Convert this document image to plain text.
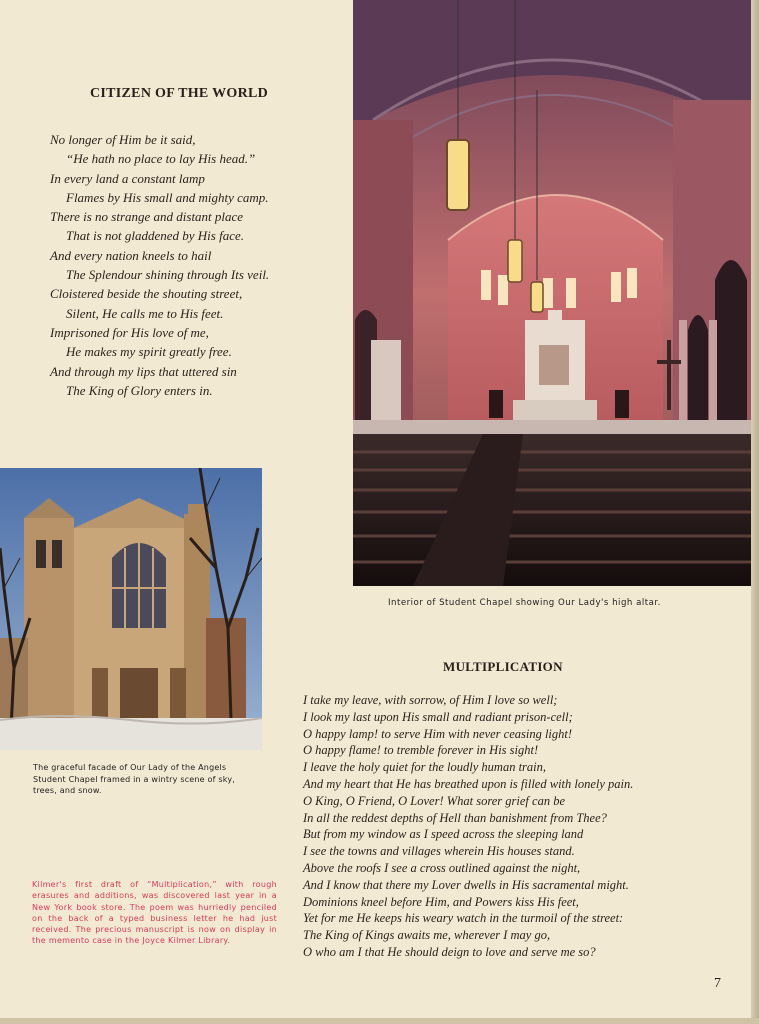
CITIZEN OF THE WORLD
No longer of Him be it said,
“He hath no place to lay His head.”
In every land a constant lamp
Flames by His small and mighty camp.
There is no strange and distant place
That is not gladdened by His face.
And every nation kneels to hail
The Splendour shining through Its veil.
Cloistered beside the shouting street,
Silent, He calls me to His feet.
Imprisoned for His love of me,
He makes my spirit greatly free.
And through my lips that uttered sin
The King of Glory enters in.
Interior of Student Chapel showing Our Lady's high altar.

The graceful facade of Our Lady of the Angels Student Chapel framed in a wintry scene of sky, trees, and snow.

Kilmer's first draft of “Multiplication,” with rough erasures and additions, was discovered last year in a New York book store. The poem was hurriedly penciled on the back of a typed business letter he had just received. The precious manuscript is now on display in the memento case in the Joyce Kilmer Library.

MULTIPLICATION
I take my leave, with sorrow, of Him I love so well;
I look my last upon His small and radiant prison-cell;
O happy lamp! to serve Him with never ceasing light!
O happy flame! to tremble forever in His sight!
I leave the holy quiet for the loudly human train,
And my heart that He has breathed upon is filled with lonely pain.
O King, O Friend, O Lover! What sorer grief can be
In all the reddest depths of Hell than banishment from Thee?
But from my window as I speed across the sleeping land
I see the towns and villages wherein His houses stand.
Above the roofs I see a cross outlined against the night,
And I know that there my Lover dwells in His sacramental might.
Dominions kneel before Him, and Powers kiss His feet,
Yet for me He keeps his weary watch in the turmoil of the street:
The King of Kings awaits me, wherever I may go,
O who am I that He should deign to love and serve me so?
7
